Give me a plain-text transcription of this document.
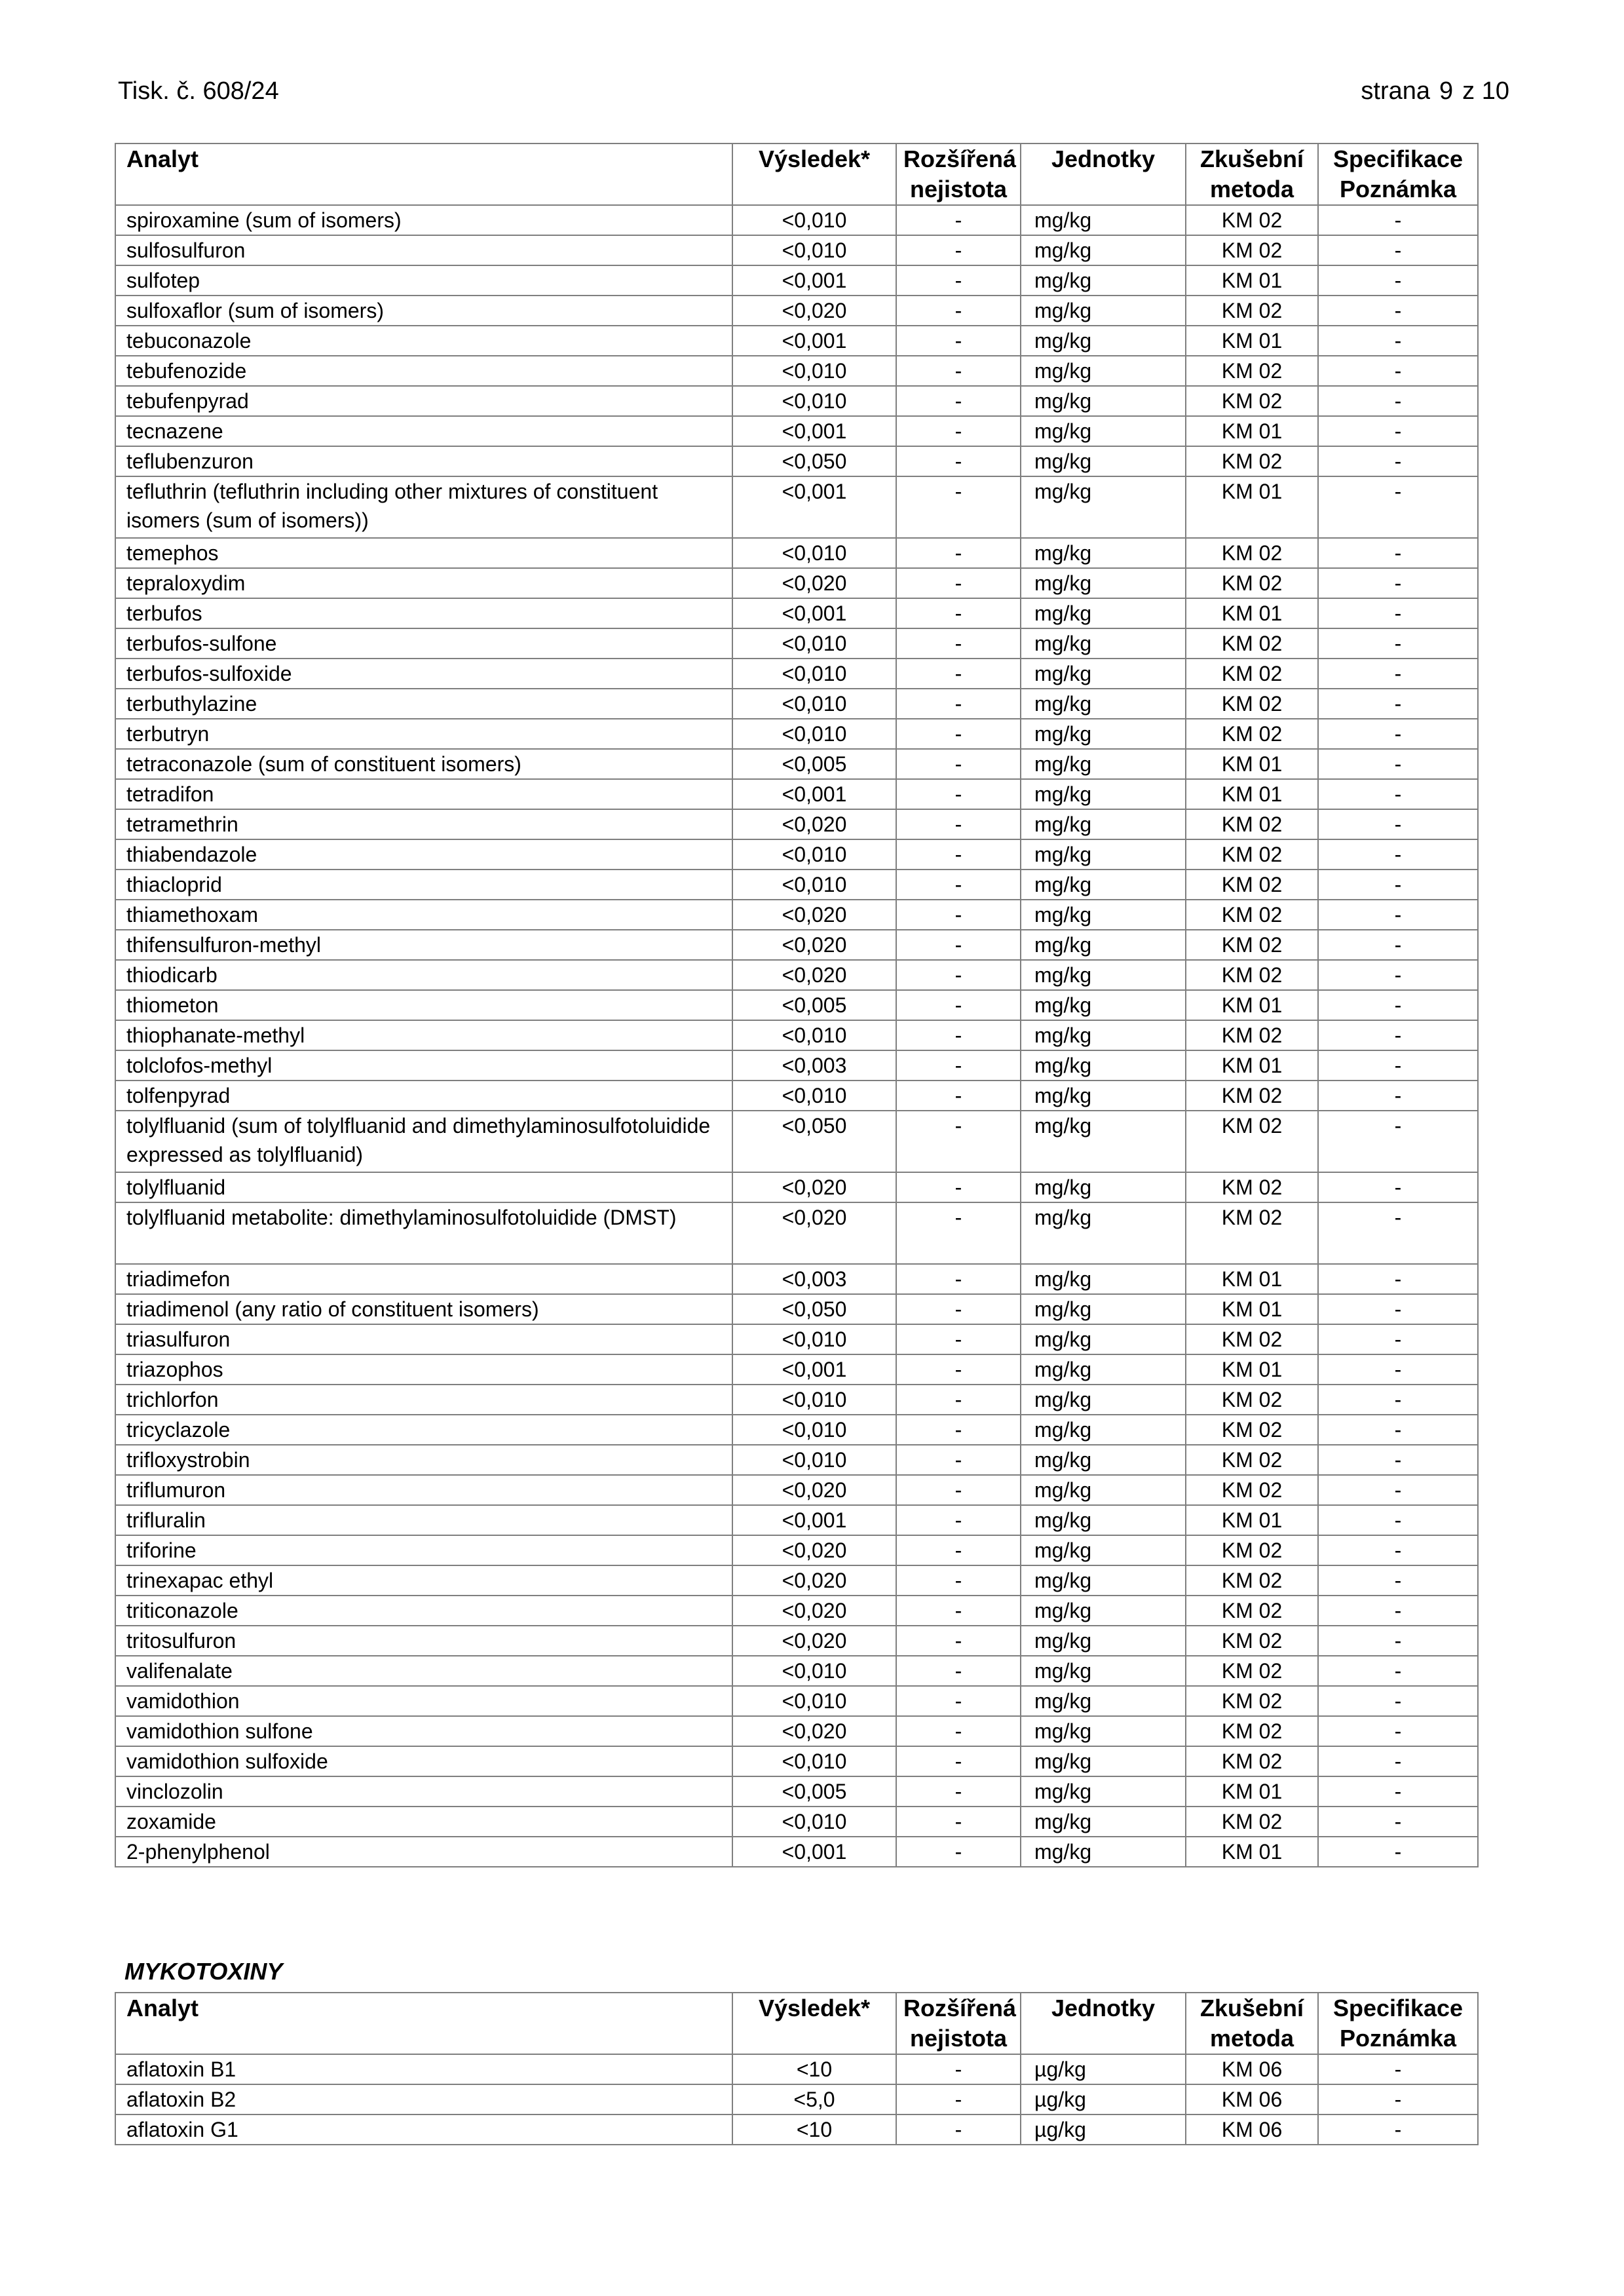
Tisk. č. 608/24	strana 9 z 10
Analyt	Výsledek*	Rozšířená nejistota	Jednotky	Zkušební metoda	Specifikace Poznámka
spiroxamine (sum of isomers)	<0,010	-	mg/kg	KM 02	-
sulfosulfuron	<0,010	-	mg/kg	KM 02	-
sulfotep	<0,001	-	mg/kg	KM 01	-
sulfoxaflor (sum of isomers)	<0,020	-	mg/kg	KM 02	-
tebuconazole	<0,001	-	mg/kg	KM 01	-
tebufenozide	<0,010	-	mg/kg	KM 02	-
tebufenpyrad	<0,010	-	mg/kg	KM 02	-
tecnazene	<0,001	-	mg/kg	KM 01	-
teflubenzuron	<0,050	-	mg/kg	KM 02	-
tefluthrin (tefluthrin including other mixtures of constituent isomers (sum of isomers))	<0,001	-	mg/kg	KM 01	-
temephos	<0,010	-	mg/kg	KM 02	-
tepraloxydim	<0,020	-	mg/kg	KM 02	-
terbufos	<0,001	-	mg/kg	KM 01	-
terbufos-sulfone	<0,010	-	mg/kg	KM 02	-
terbufos-sulfoxide	<0,010	-	mg/kg	KM 02	-
terbuthylazine	<0,010	-	mg/kg	KM 02	-
terbutryn	<0,010	-	mg/kg	KM 02	-
tetraconazole (sum of constituent isomers)	<0,005	-	mg/kg	KM 01	-
tetradifon	<0,001	-	mg/kg	KM 01	-
tetramethrin	<0,020	-	mg/kg	KM 02	-
thiabendazole	<0,010	-	mg/kg	KM 02	-
thiacloprid	<0,010	-	mg/kg	KM 02	-
thiamethoxam	<0,020	-	mg/kg	KM 02	-
thifensulfuron-methyl	<0,020	-	mg/kg	KM 02	-
thiodicarb	<0,020	-	mg/kg	KM 02	-
thiometon	<0,005	-	mg/kg	KM 01	-
thiophanate-methyl	<0,010	-	mg/kg	KM 02	-
tolclofos-methyl	<0,003	-	mg/kg	KM 01	-
tolfenpyrad	<0,010	-	mg/kg	KM 02	-
tolylfluanid (sum of tolylfluanid and dimethylaminosulfotoluidide expressed as tolylfluanid)	<0,050	-	mg/kg	KM 02	-
tolylfluanid	<0,020	-	mg/kg	KM 02	-
tolylfluanid metabolite: dimethylaminosulfotoluidide (DMST)	<0,020	-	mg/kg	KM 02	-
triadimefon	<0,003	-	mg/kg	KM 01	-
triadimenol (any ratio of constituent isomers)	<0,050	-	mg/kg	KM 01	-
triasulfuron	<0,010	-	mg/kg	KM 02	-
triazophos	<0,001	-	mg/kg	KM 01	-
trichlorfon	<0,010	-	mg/kg	KM 02	-
tricyclazole	<0,010	-	mg/kg	KM 02	-
trifloxystrobin	<0,010	-	mg/kg	KM 02	-
triflumuron	<0,020	-	mg/kg	KM 02	-
trifluralin	<0,001	-	mg/kg	KM 01	-
triforine	<0,020	-	mg/kg	KM 02	-
trinexapac ethyl	<0,020	-	mg/kg	KM 02	-
triticonazole	<0,020	-	mg/kg	KM 02	-
tritosulfuron	<0,020	-	mg/kg	KM 02	-
valifenalate	<0,010	-	mg/kg	KM 02	-
vamidothion	<0,010	-	mg/kg	KM 02	-
vamidothion sulfone	<0,020	-	mg/kg	KM 02	-
vamidothion sulfoxide	<0,010	-	mg/kg	KM 02	-
vinclozolin	<0,005	-	mg/kg	KM 01	-
zoxamide	<0,010	-	mg/kg	KM 02	-
2-phenylphenol	<0,001	-	mg/kg	KM 01	-
MYKOTOXINY
Analyt	Výsledek*	Rozšířená nejistota	Jednotky	Zkušební metoda	Specifikace Poznámka
aflatoxin B1	<10	-	µg/kg	KM 06	-
aflatoxin B2	<5,0	-	µg/kg	KM 06	-
aflatoxin G1	<10	-	µg/kg	KM 06	-
